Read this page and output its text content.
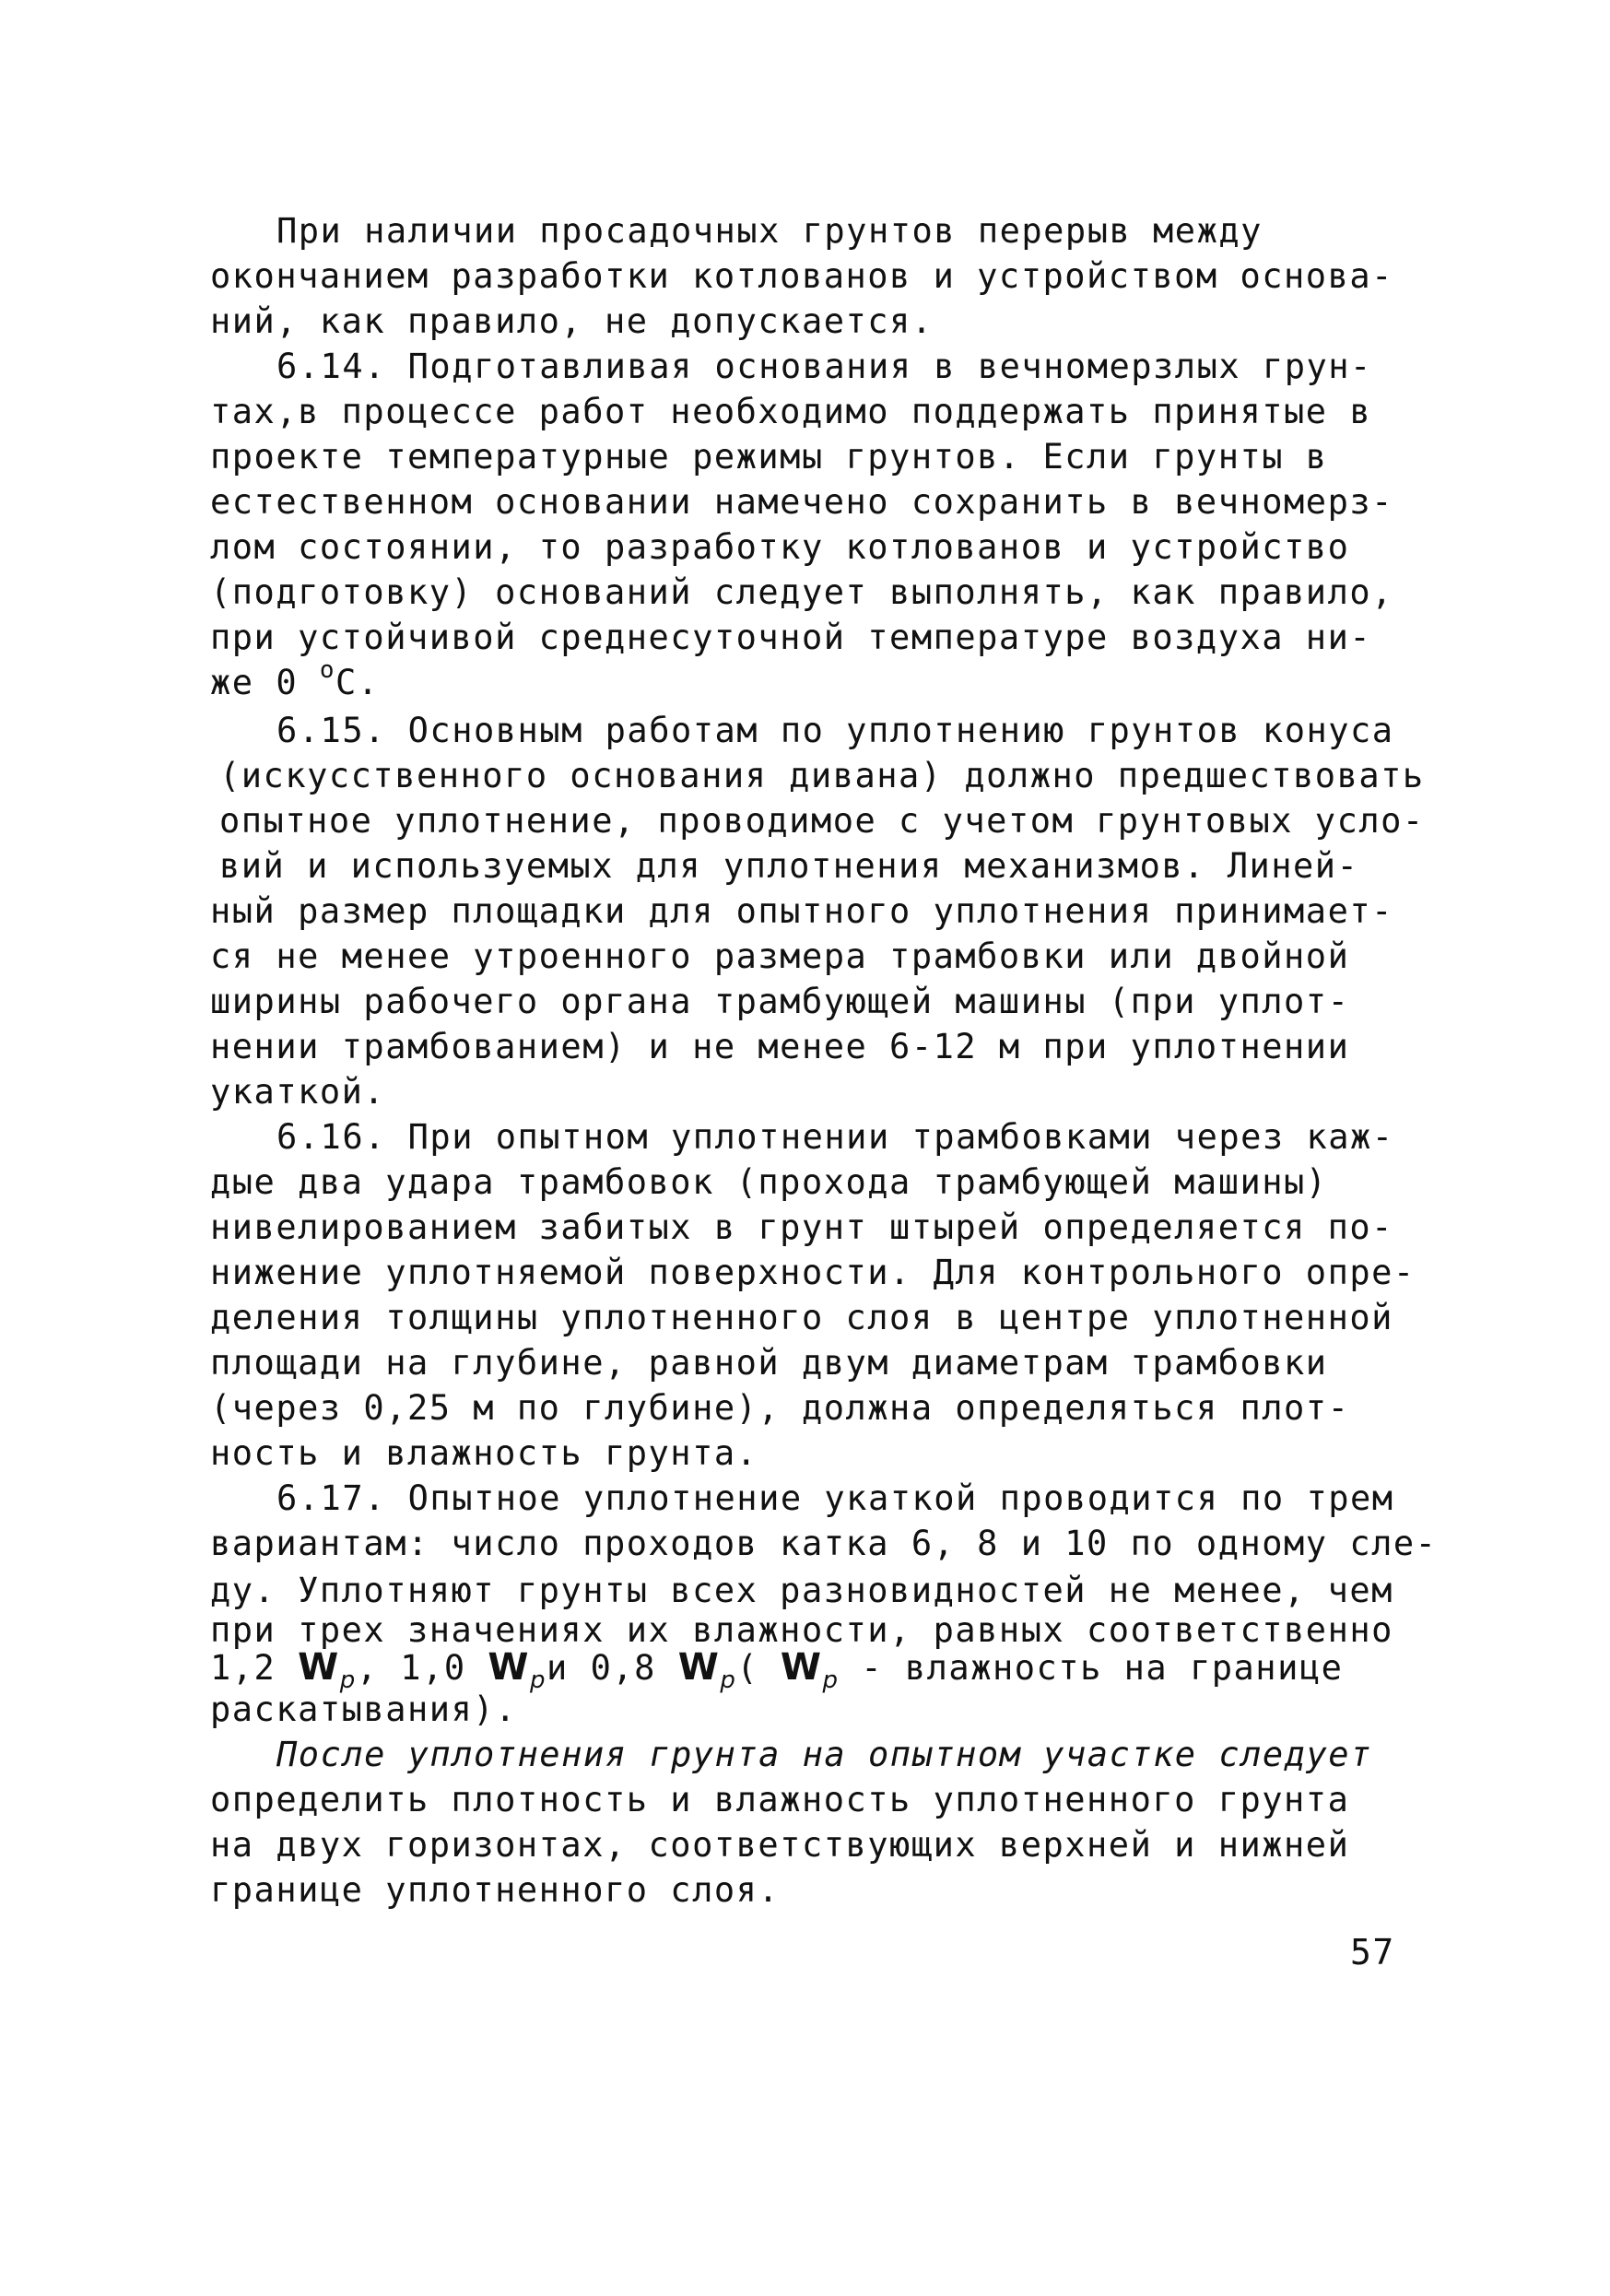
При наличии просадочных грунтов перерыв между
окончанием разработки котлованов и устройством основа-
ний, как правило, не допускается.
6.14. Подготавливая основания в вечномерзлых грун-
тах,в процессе работ необходимо поддержать принятые в
проекте температурные режимы грунтов. Если грунты в
естественном основании намечено сохранить в вечномерз-
лом состоянии, то разработку котлованов и устройство
(подготовку) оснований следует выполнять, как правило,
при устойчивой среднесуточной температуре воздуха ни-
же 0 $^o$C.
6.15. Основным работам по уплотнению грунтов конуса
(искусственного основания дивана) должно предшествовать
опытное уплотнение, проводимое с учетом грунтовых усло-
вий и используемых для уплотнения механизмов. Линей-
ный размер площадки для опытного уплотнения принимает-
ся не менее утроенного размера трамбовки или двойной
ширины рабочего органа трамбующей машины (при уплот-
нении трамбованием) и не менее 6-12 м при уплотнении
укаткой.
6.16. При опытном уплотнении трамбовками через каж-
дые два удара трамбовок (прохода трамбующей машины)
нивелированием забитых в грунт штырей определяется по-
нижение уплотняемой поверхности. Для контрольного опре-
деления толщины уплотненного слоя в центре уплотненной
площади на глубине, равной двум диаметрам трамбовки
(через 0,25 м по глубине), должна определяться плот-
ность и влажность грунта.
6.17. Опытное уплотнение укаткой проводится по трем
вариантам: число проходов катка 6, 8 и 10 по одному сле-
ду. Уплотняют грунты всех разновидностей не менее, чем
при трех значениях их влажности, равных соответственно
1,2 $W_p$, 1,0 $W_pи$ 0,8 $W_p$( $W_p$ - влажность на границе
раскатывания).
После уплотнения грунта на опытном участке следует
определить плотность и влажность уплотненного грунта
на двух горизонтах, соответствующих верхней и нижней
границе уплотненного слоя.
57
